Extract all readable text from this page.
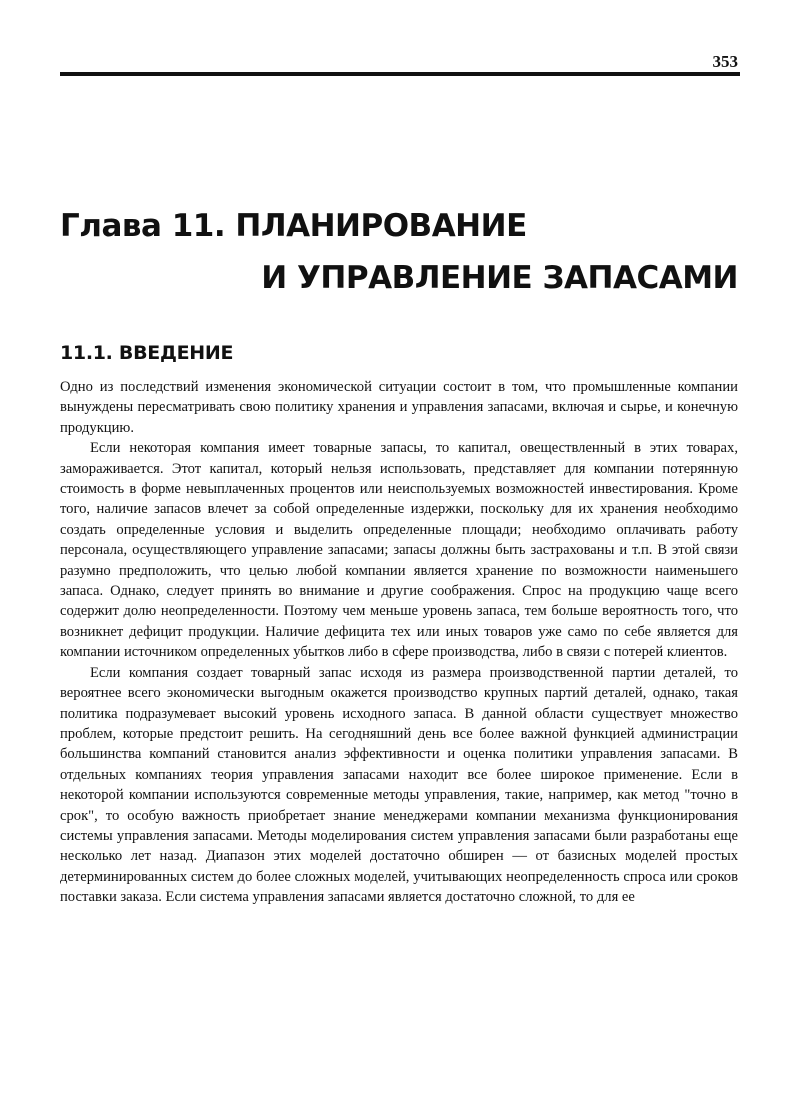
353
Глава 11. ПЛАНИРОВАНИЕ
И УПРАВЛЕНИЕ ЗАПАСАМИ
11.1. ВВЕДЕНИЕ

Одно из последствий изменения экономической ситуации состоит в том, что промышленные компании вынуждены пересматривать свою политику хранения и управления запасами, включая и сырье, и конечную продукцию.

Если некоторая компания имеет товарные запасы, то капитал, овеществленный в этих товарах, замораживается. Этот капитал, который нельзя использовать, представляет для компании потерянную стоимость в форме невыплаченных процентов или неиспользуемых возможностей инвестирования. Кроме того, наличие запасов влечет за собой определенные издержки, поскольку для их хранения необходимо создать определенные условия и выделить определенные площади; необходимо оплачивать работу персонала, осуществляющего управление запасами; запасы должны быть застрахованы и т.п. В этой связи разумно предположить, что целью любой компании является хранение по возможности наименьшего запаса. Однако, следует принять во внимание и другие соображения. Спрос на продукцию чаще всего содержит долю неопределенности. Поэтому чем меньше уровень запаса, тем больше вероятность того, что возникнет дефицит продукции. Наличие дефицита тех или иных товаров уже само по себе является для компании источником определенных убытков либо в сфере производства, либо в связи с потерей клиентов.

Если компания создает товарный запас исходя из размера производственной партии деталей, то вероятнее всего экономически выгодным окажется производство крупных партий деталей, однако, такая политика подразумевает высокий уровень исходного запаса. В данной области существует множество проблем, которые предстоит решить. На сегодняшний день все более важной функцией администрации большинства компаний становится анализ эффективности и оценка политики управления запасами. В отдельных компаниях теория управления запасами находит все более широкое применение. Если в некоторой компании используются современные методы управления, такие, например, как метод "точно в срок", то особую важность приобретает знание менеджерами компании механизма функционирования системы управления запасами. Методы моделирования систем управления запасами были разработаны еще несколько лет назад. Диапазон этих моделей достаточно обширен — от базисных моделей простых детерминированных систем до более сложных моделей, учитывающих неопределенность спроса или сроков поставки заказа. Если система управления запасами является достаточно сложной, то для ее
